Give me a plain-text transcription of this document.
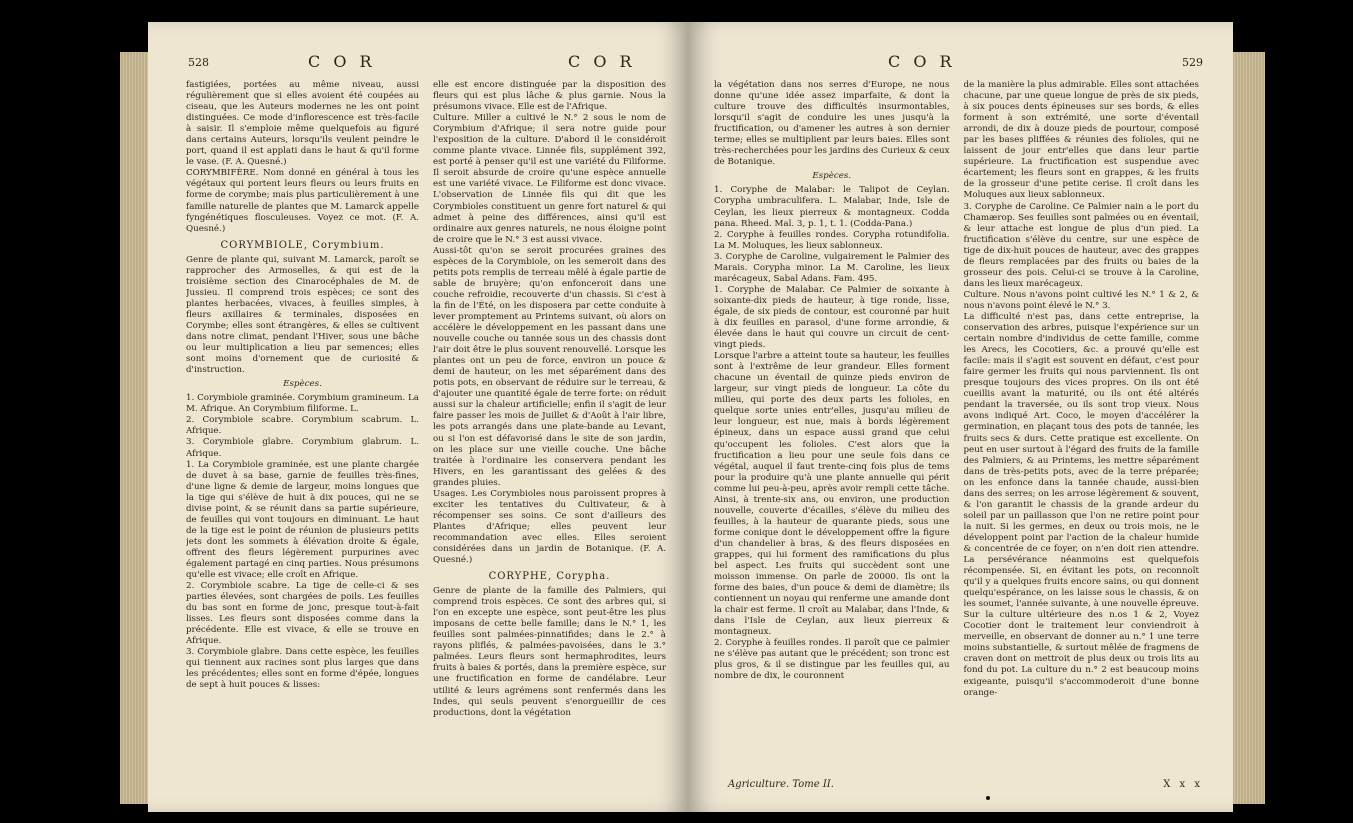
528	C O R	C O R

fastigiées, portées au même niveau, aussi régulièrement que si elles avoient été coupées au ciseau, que les Auteurs modernes ne les ont point distinguées. Ce mode d'inflorescence est très-facile à saisir. Il s'emploie même quelquefois au figuré dans certains Auteurs, lorsqu'ils veulent peindre le port, quand il est applati dans le haut & qu'il forme le vase. (F. A. Quesné.)

CORYMBIFÈRE. Nom donné en général à tous les végétaux qui portent leurs fleurs ou leurs fruits en forme de corymbe; mais plus particulièrement à une famille naturelle de plantes que M. Lamarck appelle fyngénétiques flosculeuses. Voyez ce mot. (F. A. Quesné.)

CORYMBIOLE, Corymbium.

Genre de plante qui, suivant M. Lamarck, paroît se rapprocher des Armoselles, & qui est de la troisième section des Cinarocéphales de M. de Jussieu. Il comprend trois espèces; ce sont des plantes herbacées, vivaces, à feuilles simples, à fleurs axillaires & terminales, disposées en Corymbe; elles sont étrangères, & elles se cultivent dans notre climat, pendant l'Hiver, sous une bâche ou leur multiplication a lieu par semences; elles sont moins d'ornement que de curiosité & d'instruction.

Espèces.

1. Corymbiole graminée. Corymbium gramineum. La M. Afrique. An Corymbium filiforme. L.

2. Corymbiole scabre. Corymbium scabrum. L. Afrique.

3. Corymbiole glabre. Corymbium glabrum. L. Afrique.

1. La Corymbiole graminée, est une plante chargée de duvet à sa base, garnie de feuilles très-fines, d'une ligne & demie de largeur, moins longues que la tige qui s'élève de huit à dix pouces, qui ne se divise point, & se réunit dans sa partie supérieure, de feuilles qui vont toujours en diminuant. Le haut de la tige est le point de réunion de plusieurs petits jets dont les sommets à élévation droite & égale, offrent des fleurs légèrement purpurines avec également partagé en cinq parties. Nous présumons qu'elle est vivace; elle croît en Afrique.

2. Corymbiole scabre. La tige de celle-ci & ses parties élevées, sont chargées de poils. Les feuilles du bas sont en forme de jonc, presque tout-à-fait lisses. Les fleurs sont disposées comme dans la précédente. Elle est vivace, & elle se trouve en Afrique.

3. Corymbiole glabre. Dans cette espèce, les feuilles qui tiennent aux racines sont plus larges que dans les précédentes; elles sont en forme d'épée, longues de sept à huit pouces & lisses:

elle est encore distinguée par la disposition des fleurs qui est plus lâche & plus garnie. Nous la présumons vivace. Elle est de l'Afrique.

Culture. Miller a cultivé le N.° 2 sous le nom de Corymbium d'Afrique; il sera notre guide pour l'exposition de la culture. D'abord il le considéroit comme plante vivace. Linnée fils, supplément 392, est porté à penser qu'il est une variété du Filiforme. Il seroit absurde de croire qu'une espèce annuelle est une variété vivace. Le Filiforme est donc vivace. L'observation de Linnée fils qui dit que les Corymbioles constituent un genre fort naturel & qui admet à peine des différences, ainsi qu'il est ordinaire aux genres naturels, ne nous éloigne point de croire que le N.° 3 est aussi vivace.

Aussi-tôt qu'on se seroit procurées graines des espèces de la Corymbiole, on les semeroit dans des petits pots remplis de terreau mêlé à égale partie de sable de bruyère; qu'on enfonceroit dans une couche refroidie, recouverte d'un chassis. Si c'est à la fin de l'Été, on les disposera par cette conduite à lever promptement au Printems suivant, où alors on accélère le développement en les passant dans une nouvelle couche ou tannée sous un des chassis dont l'air doit être le plus souvent renouvellé. Lorsque les plantes ont un peu de force, environ un pouce & demi de hauteur, on les met séparément dans des potis pots, en observant de réduire sur le terreau, & d'ajouter une quantité égale de terre forte: on réduit aussi sur la chaleur artificielle; enfin il s'agit de leur faire passer les mois de Juillet & d'Août à l'air libre, les pots arrangés dans une plate-bande au Levant, ou si l'on est défavorisé dans le site de son jardin, on les place sur une vieille couche. Une bâche traitée à l'ordinaire les conservera pendant les Hivers, en les garantissant des gelées & des grandes pluies.

Usages. Les Corymbioles nous paroissent propres à exciter les tentatives du Cultivateur, & à récompenser ses soins. Ce sont d'ailleurs des Plantes d'Afrique; elles peuvent leur recommandation avec elles. Elles seroient considérées dans un jardin de Botanique. (F. A. Quesné.)

CORYPHE, Corypha.

Genre de plante de la famille des Palmiers, qui comprend trois espèces. Ce sont des arbres qui, si l'on en excepte une espèce, sont peut-être les plus imposans de cette belle famille; dans le N.° 1, les feuilles sont palmées-pinnatifides; dans le 2.° à rayons pliflés, & palmées-pavoisées, dans le 3.° palmées. Leurs fleurs sont hermaphrodites, leurs fruits à baies & portés, dans la première espèce, sur une fructification en forme de candélabre. Leur utilité & leurs agrémens sont renfermés dans les Indes, qui seuls peuvent s'enorgueillir de ces productions, dont la végétation

C O R	529

la végétation dans nos serres d'Europe, ne nous donne qu'une idée assez imparfaite, & dont la culture trouve des difficultés insurmontables, lorsqu'il s'agit de conduire les unes jusqu'à la fructification, ou d'amener les autres à son dernier terme; elles se multiplient par leurs baies. Elles sont très-recherchées pour les jardins des Curieux & ceux de Botanique.

Espèces.

1. Coryphe de Malabar: le Talipot de Ceylan. Corypha umbraculifera. L. Malabar, Inde, Isle de Ceylan, les lieux pierreux & montagneux. Codda pana. Rheed. Mal. 3, p. 1, t. 1. (Codda-Pana.)

2. Coryphe à feuilles rondes. Corypha rotundifolia. La M. Moluques, les lieux sablonneux.

3. Coryphe de Caroline, vulgairement le Palmier des Marais. Corypha minor. La M. Caroline, les lieux marécageux, Sabal Adans. Fam. 495.

1. Coryphe de Malabar. Ce Palmier de soixante à soixante-dix pieds de hauteur, à tige ronde, lisse, égale, de six pieds de contour, est couronné par huit à dix feuilles en parasol, d'une forme arrondie, & élevée dans le haut qui couvre un circuit de cent-vingt pieds.

Lorsque l'arbre a atteint toute sa hauteur, les feuilles sont à l'extrême de leur grandeur. Elles forment chacune un éventail de quinze pieds environ de largeur, sur vingt pieds de longueur. La côte du milieu, qui porte des deux parts les folioles, en quelque sorte unies entr'elles, jusqu'au milieu de leur longueur, est nue, mais à bords légèrement épineux, dans un espace aussi grand que celui qu'occupent les folioles. C'est alors que la fructification a lieu pour une seule fois dans ce végétal, auquel il faut trente-cinq fois plus de tems pour la produire qu'à une plante annuelle qui périt comme lui peu-à-peu, après avoir rempli cette tâche. Ainsi, à trente-six ans, ou environ, une production nouvelle, couverte d'écailles, s'élève du milieu des feuilles, à la hauteur de quarante pieds, sous une forme conique dont le développement offre la figure d'un chandelier à bras, & des fleurs disposées en grappes, qui lui forment des ramifications du plus bel aspect. Les fruits qui succèdent sont une moisson immense. On parle de 20000. Ils ont la forme des baies, d'un pouce & demi de diamètre; ils contiennent un noyau qui renferme une amande dont la chair est ferme. Il croît au Malabar, dans l'Inde, & dans l'Isle de Ceylan, aux lieux pierreux & montagneux.

2. Coryphe à feuilles rondes. Il paroît que ce palmier ne s'élève pas autant que le précédent; son tronc est plus gros, & il se distingue par les feuilles qui, au nombre de dix, le couronnent

de la manière la plus admirable. Elles sont attachées chacune, par une queue longue de près de six pieds, à six pouces dents épineuses sur ses bords, & elles forment à son extrémité, une sorte d'éventail arrondi, de dix à douze pieds de pourtour, composé par les bases pliffées & réunies des folioles, qui ne laissent de jour entr'elles que dans leur partie supérieure. La fructification est suspendue avec écartement; les fleurs sont en grappes, & les fruits de la grosseur d'une petite cerise. Il croît dans les Moluques aux lieux sablonneux.

3. Coryphe de Caroline. Ce Palmier nain a le port du Chamærop. Ses feuilles sont palmées ou en éventail, & leur attache est longue de plus d'un pied. La fructification s'élève du centre, sur une espèce de tige de dix-huit pouces de hauteur, avec des grappes de fleurs remplacées par des fruits ou baies de la grosseur des pois. Celui-ci se trouve à la Caroline, dans les lieux marécageux.

Culture. Nous n'avons point cultivé les N.° 1 & 2, & nous n'avons point élevé le N.° 3.

La difficulté n'est pas, dans cette entreprise, la conservation des arbres, puisque l'expérience sur un certain nombre d'individus de cette famille, comme les Arecs, les Cocotiers, &c. a prouvé qu'elle est facile: mais il s'agit est souvent en défaut, c'est pour faire germer les fruits qui nous parviennent. Ils ont presque toujours des vices propres. On ils ont été cueillis avant la maturité, ou ils ont été altérés pendant la traversée, ou ils sont trop vieux. Nous avons indiqué Art. Coco, le moyen d'accélérer la germination, en plaçant tous des pots de tannée, les fruits secs & durs. Cette pratique est excellente. On peut en user surtout à l'égard des fruits de la famille des Palmiers, & au Printems, les mettre séparément dans de très-petits pots, avec de la terre préparée; on les enfonce dans la tannée chaude, aussi-bien dans des serres; on les arrose légèrement & souvent, & l'on garantit le chassis de la grande ardeur du soleil par un paillasson que l'on ne retire point pour la nuit. Si les germes, en deux ou trois mois, ne le développent point par l'action de la chaleur humide & concentrée de ce foyer, on n'en doit rien attendre. La persévérance néanmoins est quelquefois récompensée. Si, en évitant les pots, on reconnoît qu'il y a quelques fruits encore sains, ou qui donnent quelqu'espérance, on les laisse sous le chassis, & on les soumet, l'année suivante, à une nouvelle épreuve.

Sur la culture ultérieure des n.os 1 & 2, Voyez Cocotier dont le traitement leur conviendroit à merveille, en observant de donner au n.° 1 une terre moins substantielle, & surtout mêlée de fragmens de craven dont on mettroit de plus deux ou trois lits au fond du pot. La culture du n.° 2 est beaucoup moins exigeante, puisqu'il s'accommoderoit d'une bonne orange-

Agriculture. Tome II.	X x x
